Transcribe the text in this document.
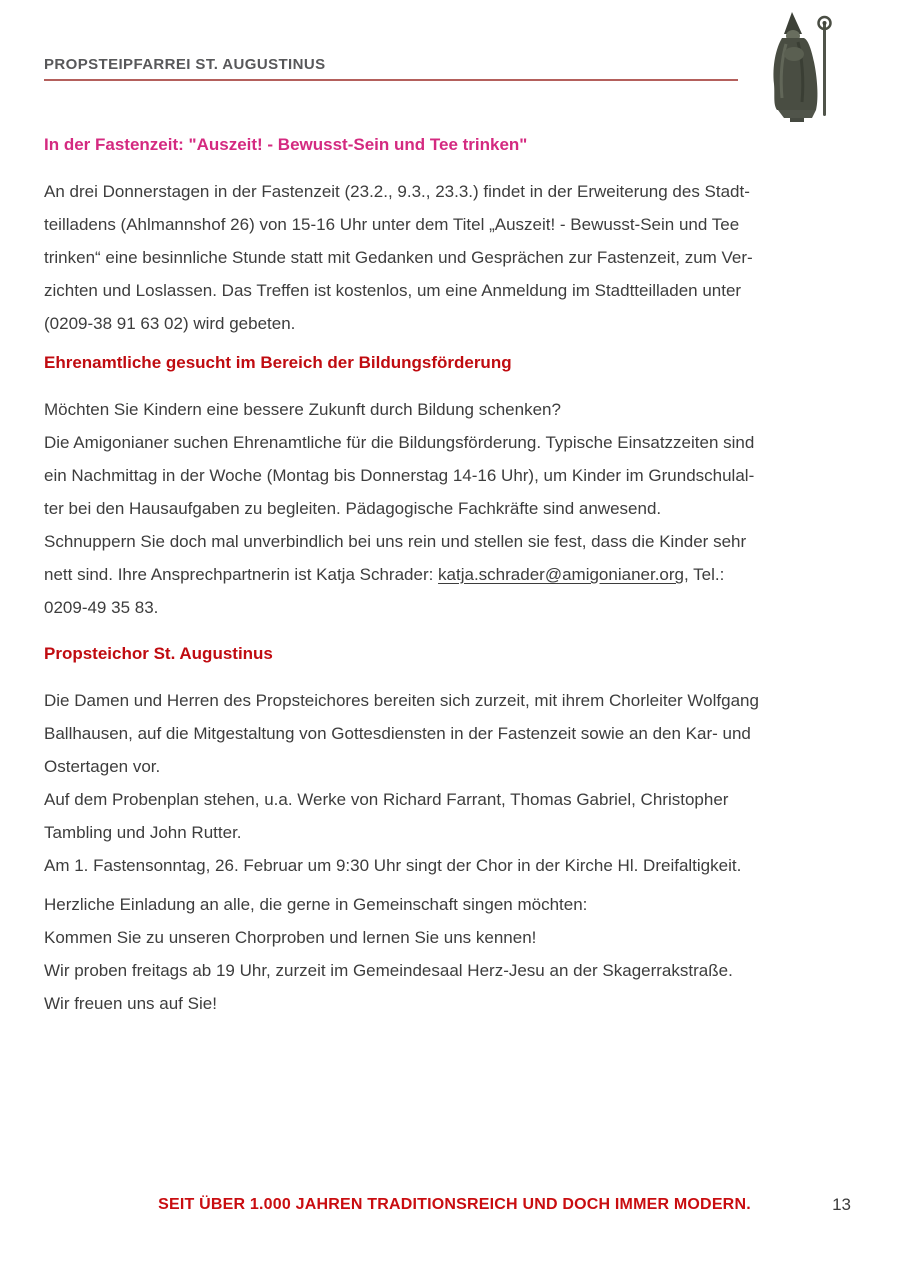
PROPSTEIPFARREI ST. AUGUSTINUS
In der Fastenzeit: "Auszeit! - Bewusst-Sein und Tee trinken"

An drei Donnerstagen in der Fastenzeit (23.2., 9.3., 23.3.) findet in der Erweiterung des Stadt-
teilladens (Ahlmannshof 26) von 15-16 Uhr unter dem Titel „Auszeit! - Bewusst-Sein und Tee
trinken“ eine besinnliche Stunde statt mit Gedanken und Gesprächen zur Fastenzeit, zum Ver-
zichten und Loslassen. Das Treffen ist kostenlos, um eine Anmeldung im Stadtteilladen unter
(0209-38 91 63 02) wird gebeten.

Ehrenamtliche gesucht im Bereich der Bildungsförderung

Möchten Sie Kindern eine bessere Zukunft durch Bildung schenken?
Die Amigonianer suchen Ehrenamtliche für die Bildungsförderung. Typische Einsatzzeiten sind
ein Nachmittag in der Woche (Montag bis Donnerstag 14-16 Uhr), um Kinder im Grundschulal-
ter bei den Hausaufgaben zu begleiten. Pädagogische Fachkräfte sind anwesend.
Schnuppern Sie doch mal unverbindlich bei uns rein und stellen sie fest, dass die Kinder sehr
nett sind. Ihre Ansprechpartnerin ist Katja Schrader: katja.schrader@amigonianer.org, Tel.:
0209-49 35 83.

Propsteichor St. Augustinus

Die Damen und Herren des Propsteichores bereiten sich zurzeit, mit ihrem Chorleiter Wolfgang
Ballhausen, auf die Mitgestaltung von Gottesdiensten in der Fastenzeit sowie an den Kar- und
Ostertagen vor.
Auf dem Probenplan stehen, u.a. Werke von Richard Farrant, Thomas Gabriel, Christopher
Tambling und John Rutter.
Am 1. Fastensonntag, 26. Februar um 9:30 Uhr singt der Chor in der Kirche Hl. Dreifaltigkeit.

Herzliche Einladung an alle, die gerne in Gemeinschaft singen möchten:
Kommen Sie zu unseren Chorproben und lernen Sie uns kennen!
Wir proben freitags ab 19 Uhr, zurzeit im Gemeindesaal Herz-Jesu an der Skagerrakstraße.
Wir freuen uns auf Sie!

SEIT ÜBER 1.000 JAHREN TRADITIONSREICH UND DOCH IMMER MODERN.	13
